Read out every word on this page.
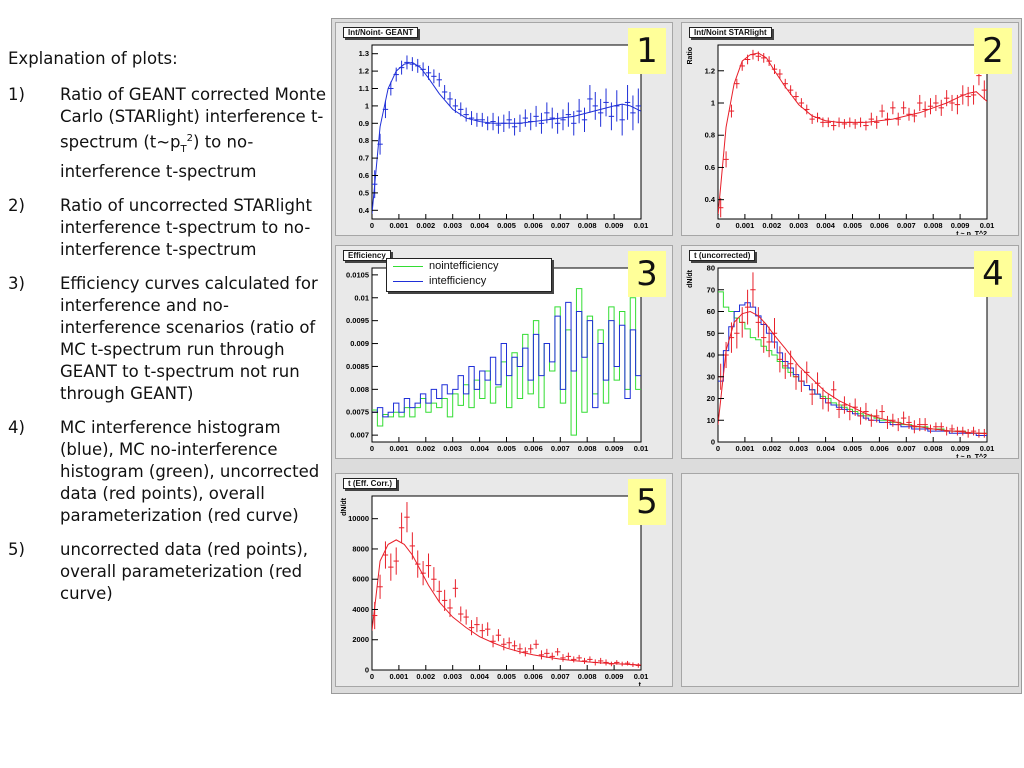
Explanation of plots:
1)	Ratio of GEANT corrected Monte Carlo (STARlight) interference t-spectrum $(t\sim p_T^2)$ to no-interference t-spectrum
2)	Ratio of uncorrected STARlight interference t-spectrum to no-interference t-spectrum
3)	Efficiency curves calculated for interference and no-interference scenarios (ratio of MC t-spectrum run through GEANT to t-spectrum not run through GEANT)
4)	MC interference histogram (blue), MC no-interference histogram (green), uncorrected data (red points), overall parameterization (red curve)
5)	uncorrected data (red points), overall parameterization (red curve)
0 0.001 0.002 0.003 0.004 0.005 0.006 0.007 0.008 0.009 0.01
0.4
0.5
0.6
0.7
0.8
0.9
1
1.1
1.2
1.3
Int/Noint- GEANT	1
0 0.001 0.002 0.003 0.004 0.005 0.006 0.007 0.008 0.009 0.01
0.4
0.6
0.8
1
1.2
t ~ p_T^2
Ratio
Int/Noint STARlight	2
0 0.001 0.002 0.003 0.004 0.005 0.006 0.007 0.008 0.009 0.01
0.007
0.0075
0.008
0.0085
0.009
0.0095
0.01
0.0105
Efficiency
nointefficiency
intefficiency	3
0 0.001 0.002 0.003 0.004 0.005 0.006 0.007 0.008 0.009 0.01
0
10
20
30
40
50
60
70
80
t ~ p_T^2
dN/dt
t (uncorrected)	4
0 0.001 0.002 0.003 0.004 0.005 0.006 0.007 0.008 0.009 0.01
0
2000
4000
6000
8000
10000
t
dN/dt
t (Eff. Corr.)	5
